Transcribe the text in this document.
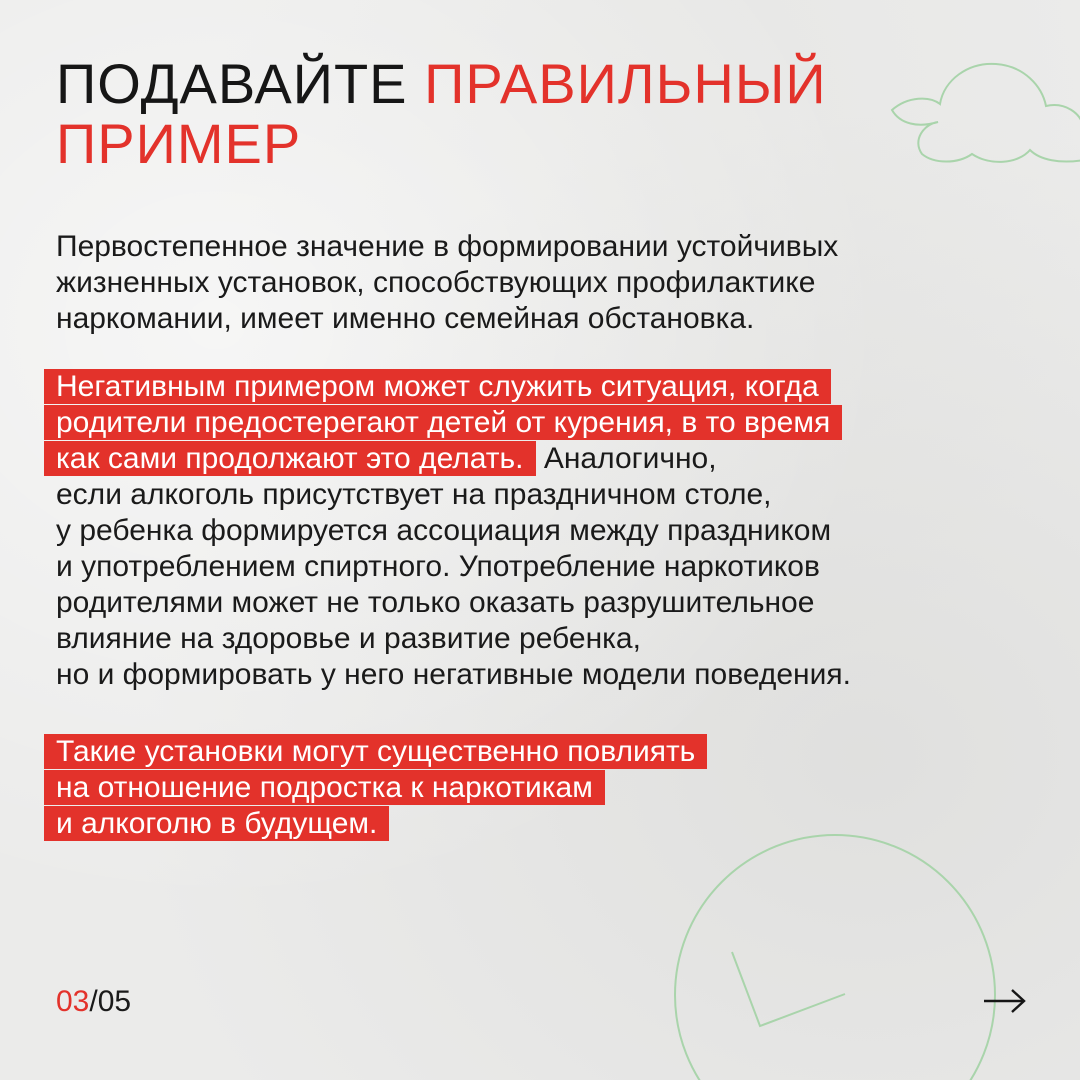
ПОДАВАЙТЕ ПРАВИЛЬНЫЙ
ПРИМЕР
Первостепенное значение в формировании устойчивых
жизненных установок, способствующих профилактике
наркомании, имеет именно семейная обстановка.
Негативным примером может служить ситуация, когда
родители предостерегают детей от курения, в то время
как сами продолжают это делать. Аналогично,
если алкоголь присутствует на праздничном столе,
у ребенка формируется ассоциация между праздником
и употреблением спиртного. Употребление наркотиков
родителями может не только оказать разрушительное
влияние на здоровье и развитие ребенка,
но и формировать у него негативные модели поведения.
Такие установки могут существенно повлиять
на отношение подростка к наркотикам
и алкоголю в будущем.
03/05
